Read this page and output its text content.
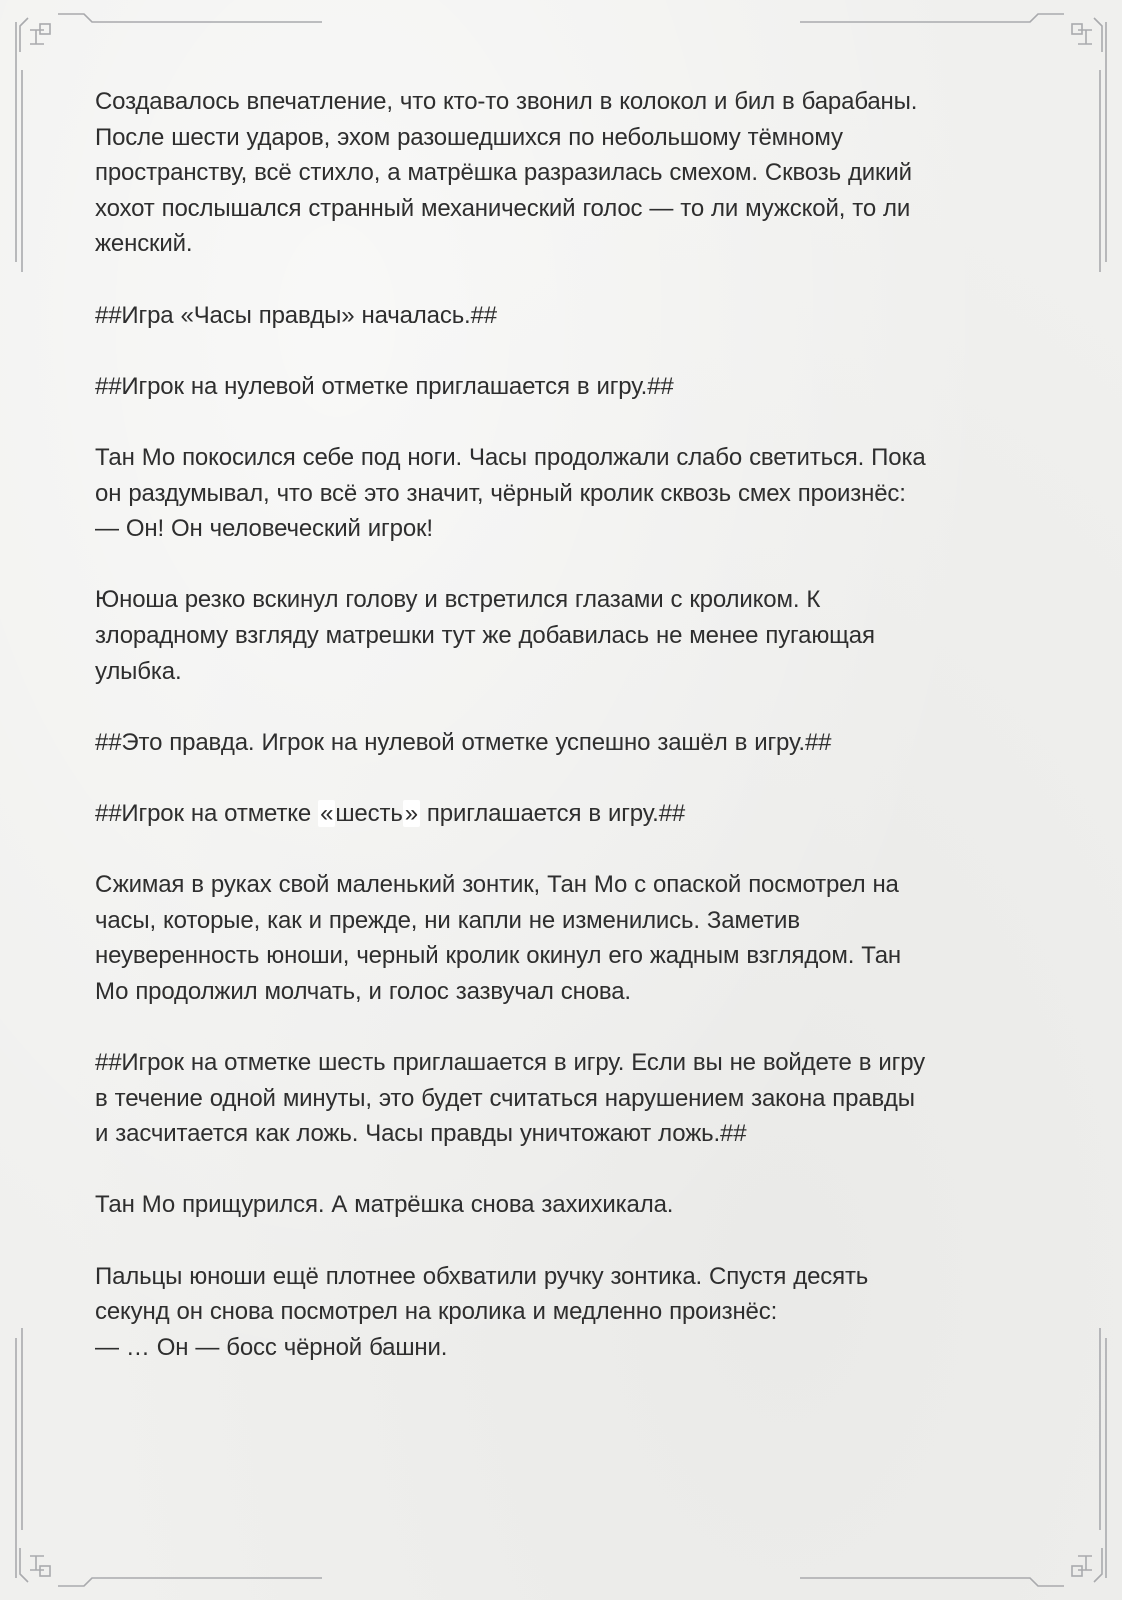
Создавалось впечатление, что кто-то звонил в колокол и бил в барабаны.
После шести ударов, эхом разошедшихся по небольшому тёмному
пространству, всё стихло, а матрёшка разразилась смехом. Сквозь дикий
хохот послышался странный механический голос — то ли мужской, то ли
женский.

##Игра «Часы правды» началась.##

##Игрок на нулевой отметке приглашается в игру.##

Тан Мо покосился себе под ноги. Часы продолжали слабо светиться. Пока
он раздумывал, что всё это значит, чёрный кролик сквозь смех произнёс:
— Он! Он человеческий игрок!

Юноша резко вскинул голову и встретился глазами с кроликом. К
злорадному взгляду матрешки тут же добавилась не менее пугающая
улыбка.

##Это правда. Игрок на нулевой отметке успешно зашёл в игру.##

##Игрок на отметке «шесть» приглашается в игру.##

Сжимая в руках свой маленький зонтик, Тан Мо с опаской посмотрел на
часы, которые, как и прежде, ни капли не изменились. Заметив
неуверенность юноши, черный кролик окинул его жадным взглядом. Тан
Мо продолжил молчать, и голос зазвучал снова.

##Игрок на отметке шесть приглашается в игру. Если вы не войдете в игру
в течение одной минуты, это будет считаться нарушением закона правды
и засчитается как ложь. Часы правды уничтожают ложь.##

Тан Мо прищурился. А матрёшка снова захихикала.

Пальцы юноши ещё плотнее обхватили ручку зонтика. Спустя десять
секунд он снова посмотрел на кролика и медленно произнёс:
— … Он — босс чёрной башни.
